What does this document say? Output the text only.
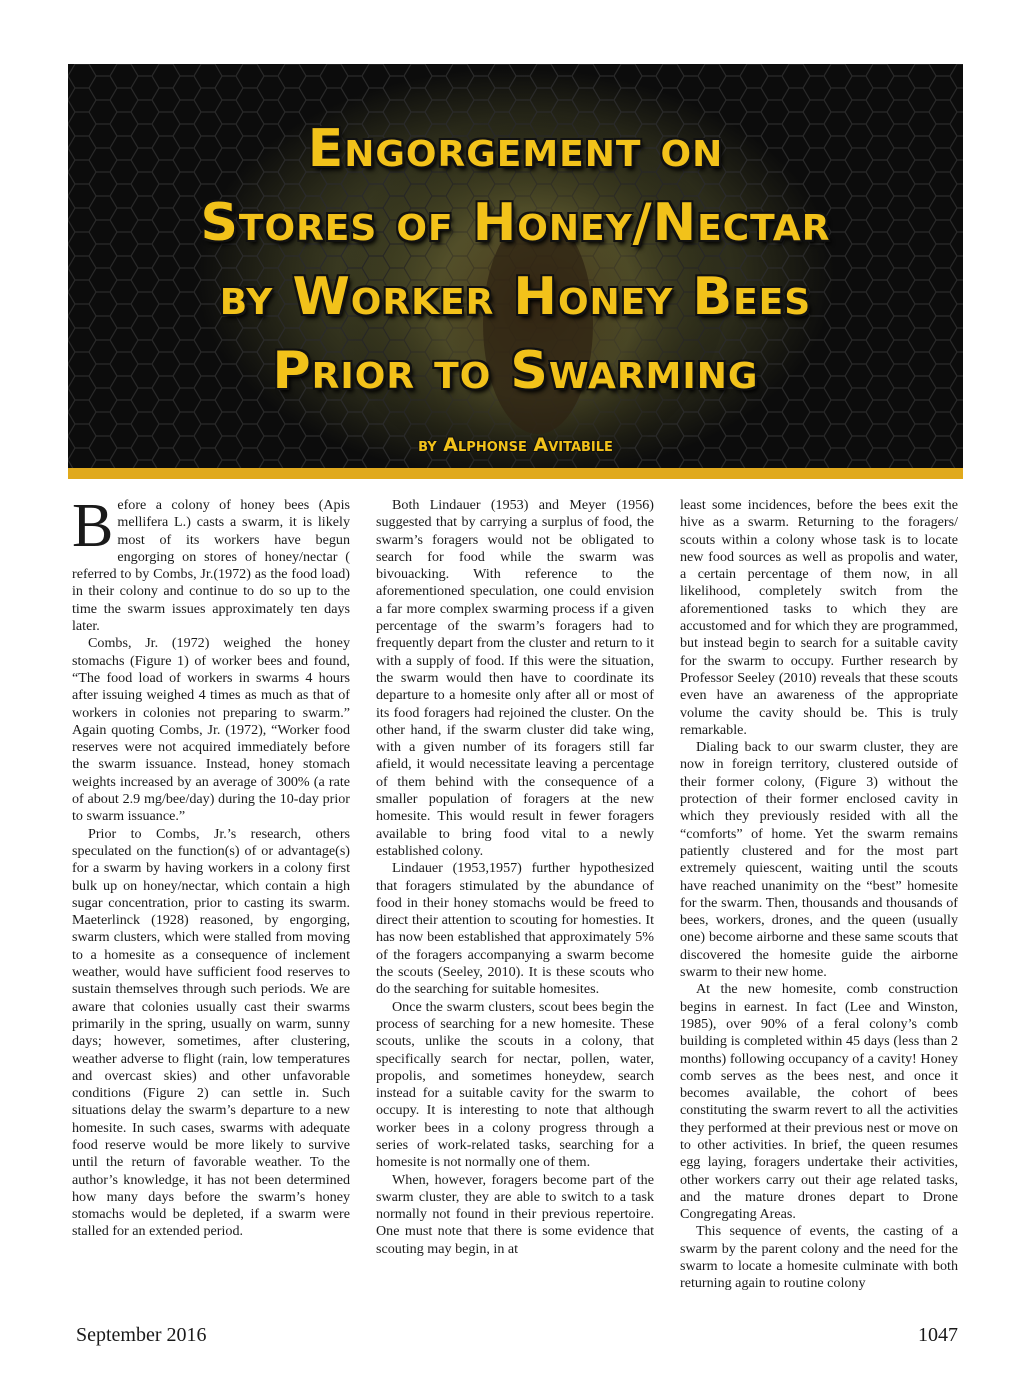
Engorgement on
Stores of Honey/Nectar
by Worker Honey Bees
Prior to Swarming
by Alphonse Avitabile

Before a colony of honey bees (Apis mellifera L.) casts a swarm, it is likely most of its workers have begun engorging on stores of honey/nectar ( referred to by Combs, Jr.(1972) as the food load) in their colony and continue to do so up to the time the swarm issues approximately ten days later.

Combs, Jr. (1972) weighed the honey stomachs (Figure 1) of worker bees and found, “The food load of workers in swarms 4 hours after issuing weighed 4 times as much as that of workers in colonies not preparing to swarm.” Again quoting Combs, Jr. (1972), “Worker food reserves were not acquired immediately before the swarm issuance. Instead, honey stomach weights increased by an average of 300% (a rate of about 2.9 mg/bee/day) during the 10-day prior to swarm issuance.”

Prior to Combs, Jr.’s research, others speculated on the function(s) of or advantage(s) for a swarm by having workers in a colony first bulk up on honey/nectar, which contain a high sugar concentration, prior to casting its swarm. Maeterlinck (1928) reasoned, by engorging, swarm clusters, which were stalled from moving to a homesite as a consequence of inclement weather, would have sufficient food reserves to sustain themselves through such periods. We are aware that colonies usually cast their swarms primarily in the spring, usually on warm, sunny days; however, sometimes, after clustering, weather adverse to flight (rain, low temperatures and overcast skies) and other unfavorable conditions (Figure 2) can settle in. Such situations delay the swarm’s departure to a new homesite. In such cases, swarms with adequate food reserve would be more likely to survive until the return of favorable weather. To the author’s knowledge, it has not been determined how many days before the swarm’s honey stomachs would be depleted, if a swarm were stalled for an extended period.

Both Lindauer (1953) and Meyer (1956) suggested that by carrying a surplus of food, the swarm’s foragers would not be obligated to search for food while the swarm was bivouacking. With reference to the aforementioned speculation, one could envision a far more complex swarming process if a given percentage of the swarm’s foragers had to frequently depart from the cluster and return to it with a supply of food. If this were the situation, the swarm would then have to coordinate its departure to a homesite only after all or most of its food foragers had rejoined the cluster. On the other hand, if the swarm cluster did take wing, with a given number of its foragers still far afield, it would necessitate leaving a percentage of them behind with the consequence of a smaller population of foragers at the new homesite. This would result in fewer foragers available to bring food vital to a newly established colony.

Lindauer (1953,1957) further hypothesized that foragers stimulated by the abundance of food in their honey stomachs would be freed to direct their attention to scouting for homesties. It has now been established that approximately 5% of the foragers accompanying a swarm become the scouts (Seeley, 2010). It is these scouts who do the searching for suitable homesites.

Once the swarm clusters, scout bees begin the process of searching for a new homesite. These scouts, unlike the scouts in a colony, that specifically search for nectar, pollen, water, propolis, and sometimes honeydew, search instead for a suitable cavity for the swarm to occupy. It is interesting to note that although worker bees in a colony progress through a series of work-related tasks, searching for a homesite is not normally one of them.

When, however, foragers become part of the swarm cluster, they are able to switch to a task normally not found in their previous repertoire. One must note that there is some evidence that scouting may begin, in at

least some incidences, before the bees exit the hive as a swarm. Returning to the foragers/ scouts within a colony whose task is to locate new food sources as well as propolis and water, a certain percentage of them now, in all likelihood, completely switch from the aforementioned tasks to which they are accustomed and for which they are programmed, but instead begin to search for a suitable cavity for the swarm to occupy. Further research by Professor Seeley (2010) reveals that these scouts even have an awareness of the appropriate volume the cavity should be. This is truly remarkable.

Dialing back to our swarm cluster, they are now in foreign territory, clustered outside of their former colony, (Figure 3) without the protection of their former enclosed cavity in which they previously resided with all the “comforts” of home. Yet the swarm remains patiently clustered and for the most part extremely quiescent, waiting until the scouts have reached unanimity on the “best” homesite for the swarm. Then, thousands and thousands of bees, workers, drones, and the queen (usually one) become airborne and these same scouts that discovered the homesite guide the airborne swarm to their new home.

At the new homesite, comb construction begins in earnest. In fact (Lee and Winston, 1985), over 90% of a feral colony’s comb building is completed within 45 days (less than 2 months) following occupancy of a cavity! Honey comb serves as the bees nest, and once it becomes available, the cohort of bees constituting the swarm revert to all the activities they performed at their previous nest or move on to other activities. In brief, the queen resumes egg laying, foragers undertake their activities, other workers carry out their age related tasks, and the mature drones depart to Drone Congregating Areas.

This sequence of events, the casting of a swarm by the parent colony and the need for the swarm to locate a homesite culminate with both returning again to routine colony

September 2016	1047
